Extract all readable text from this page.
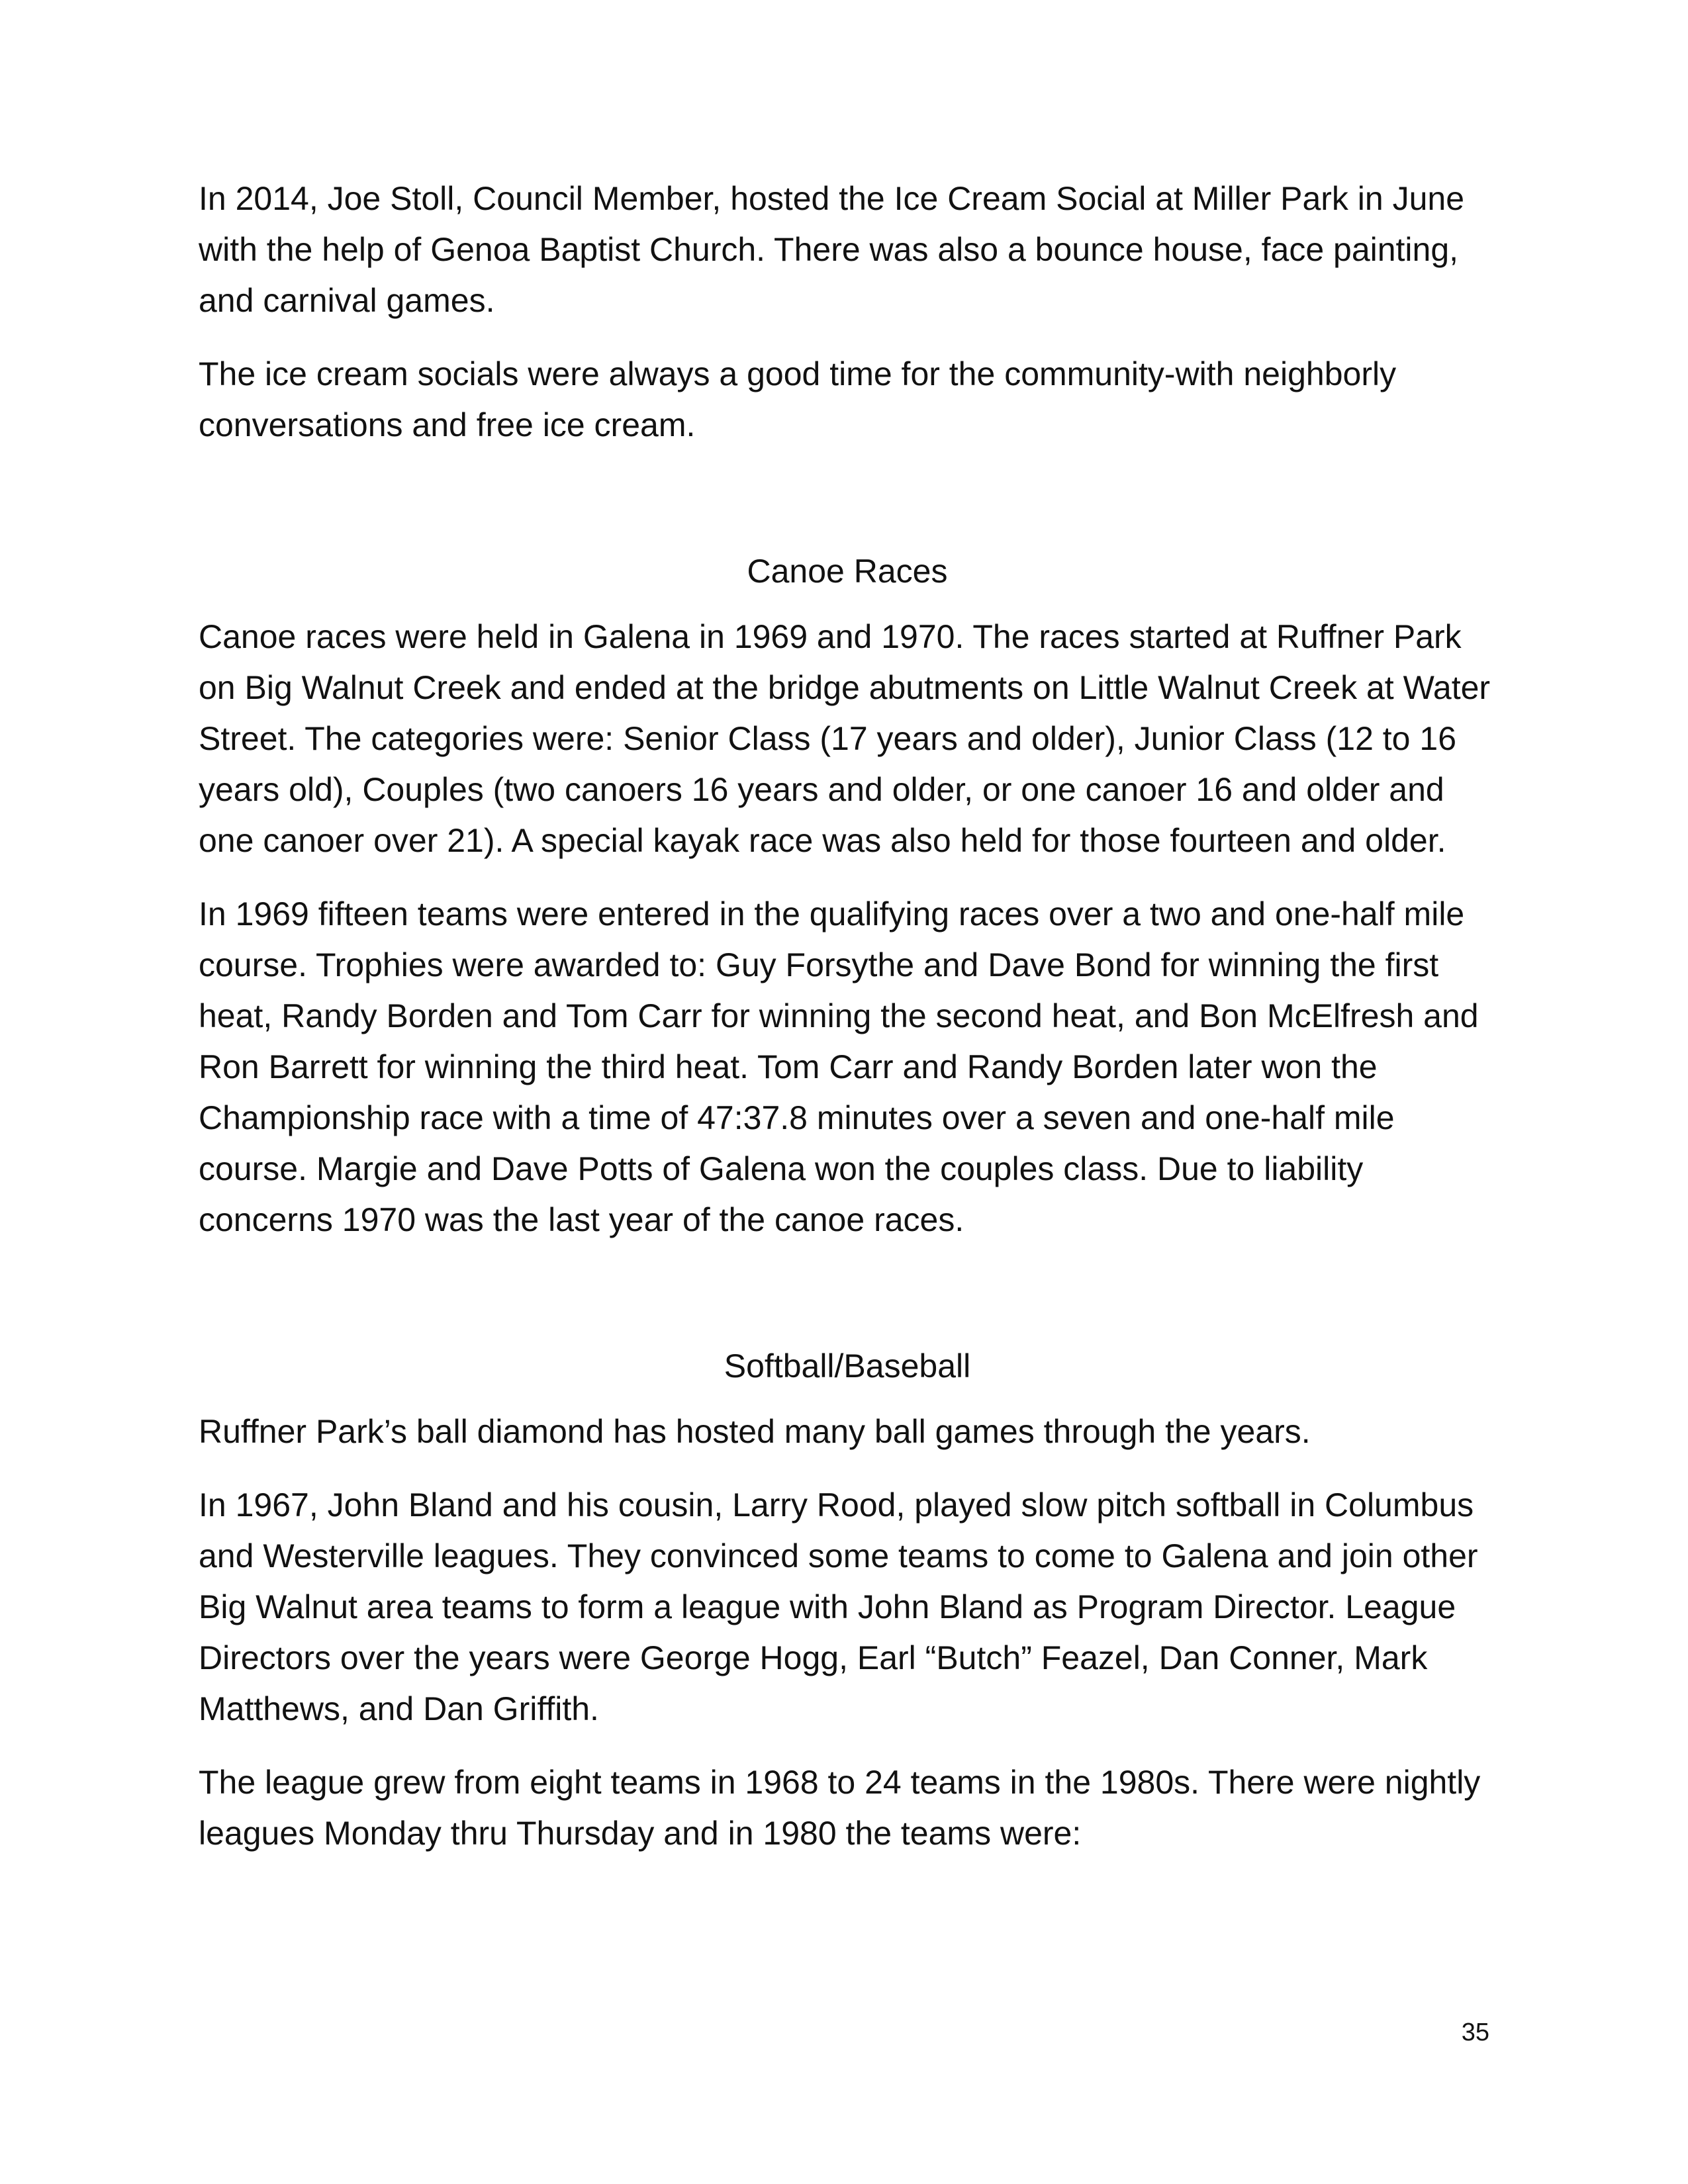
In 2014, Joe Stoll, Council Member, hosted the Ice Cream Social at Miller Park in June with the help of Genoa Baptist Church. There was also a bounce house, face painting, and carnival games.

The ice cream socials were always a good time for the community-with neighborly conversations and free ice cream.

Canoe Races

Canoe races were held in Galena in 1969 and 1970. The races started at Ruffner Park on Big Walnut Creek and ended at the bridge abutments on Little Walnut Creek at Water Street. The categories were: Senior Class (17 years and older), Junior Class (12 to 16 years old), Couples (two canoers 16 years and older, or one canoer 16 and older and one canoer over 21). A special kayak race was also held for those fourteen and older.

In 1969 fifteen teams were entered in the qualifying races over a two and one-half mile course. Trophies were awarded to: Guy Forsythe and Dave Bond for winning the first heat, Randy Borden and Tom Carr for winning the second heat, and Bon McElfresh and Ron Barrett for winning the third heat. Tom Carr and Randy Borden later won the Championship race with a time of 47:37.8 minutes over a seven and one-half mile course. Margie and Dave Potts of Galena won the couples class. Due to liability concerns 1970 was the last year of the canoe races.

Softball/Baseball

Ruffner Park’s ball diamond has hosted many ball games through the years.

In 1967, John Bland and his cousin, Larry Rood, played slow pitch softball in Columbus and Westerville leagues. They convinced some teams to come to Galena and join other Big Walnut area teams to form a league with John Bland as Program Director. League Directors over the years were George Hogg, Earl “Butch” Feazel, Dan Conner, Mark Matthews, and Dan Griffith.

The league grew from eight teams in 1968 to 24 teams in the 1980s. There were nightly leagues Monday thru Thursday and in 1980 the teams were:

35
